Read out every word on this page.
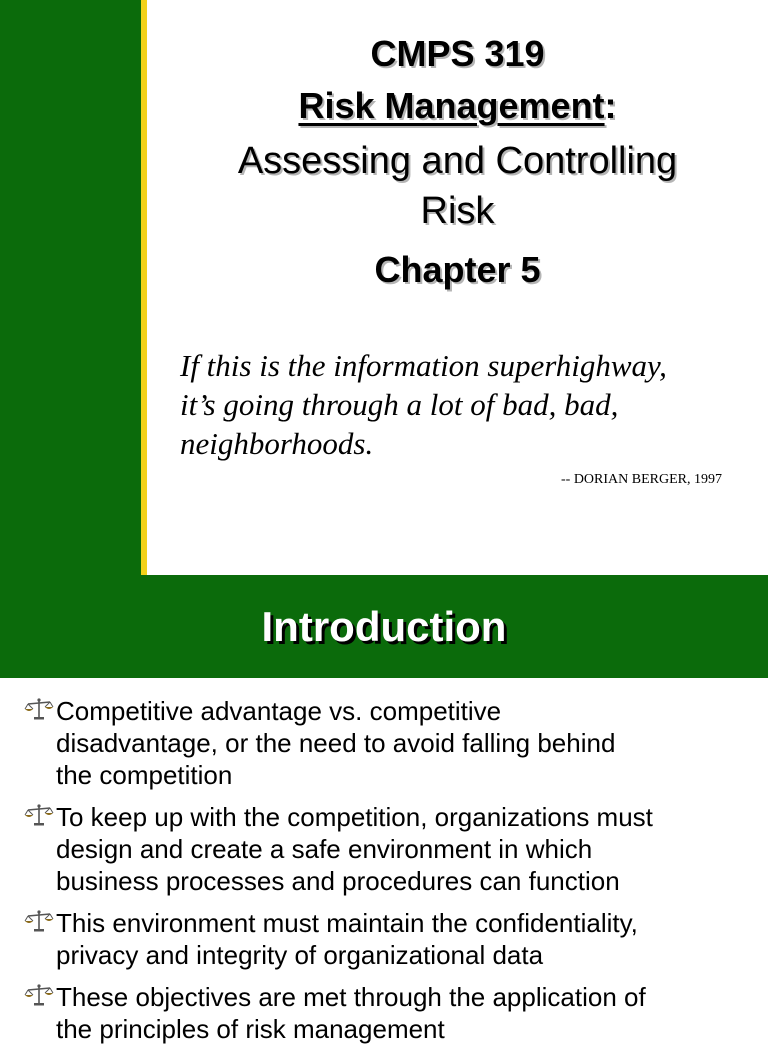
CMPS 319
Risk Management:
Assessing and Controlling
Risk
Chapter 5
If this is the information superhighway,
it’s going through a lot of bad, bad,
neighborhoods.
-- DORIAN BERGER, 1997
Introduction
Competitive advantage vs. competitive
disadvantage, or the need to avoid falling behind
the competition
To keep up with the competition, organizations must
design and create a safe environment in which
business processes and procedures can function
This environment must maintain the confidentiality,
privacy and integrity of organizational data
These objectives are met through the application of
the principles of risk management
